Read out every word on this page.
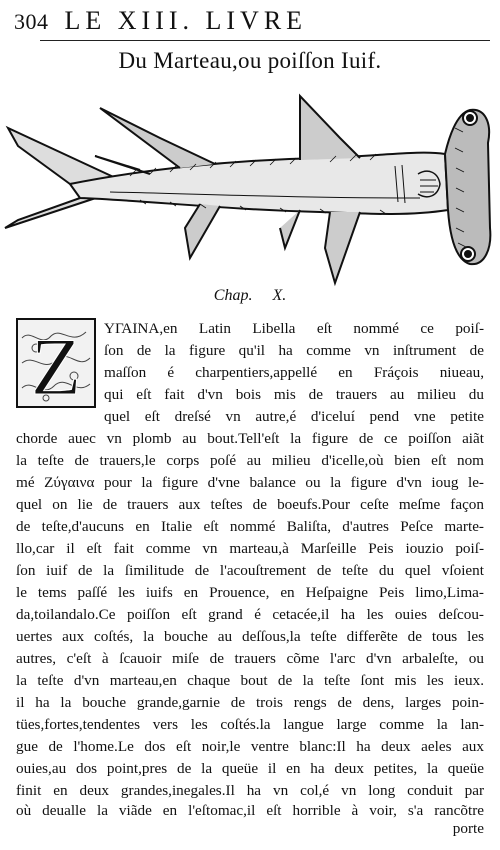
304 LE XIII. LIVRE
Du Marteau,ou poiſſon Iuif.
Chap. X.
Z ΥΓΑΙΝΑ,en Latin Libella eſt nommé ce poiſ-
ſon de la figure qu'il ha comme vn inſtrument de
maſſon é charpentiers,appellé en Fráçois niueau,
qui eſt fait d'vn bois mis de trauers au milieu du
quel eſt dreſsé vn autre,é d'iceluí pend vne petite
chorde auec vn plomb au bout.Tell'eſt la figure de ce poiſſon aiãt
la teſte de trauers,le corps poſé au milieu d'icelle,où bien eſt nom
mé Ζύγαινα pour la figure d'vne balance ou la figure d'vn ioug le-
quel on lie de trauers aux teſtes de boeufs.Pour ceſte meſme façon
de teſte,d'aucuns en Italie eſt nommé Baliſta, d'autres Peſce marte-
llo,car il eſt fait comme vn marteau,à Marſeille Peis iouzio poiſ-
ſon iuif de la ſimilitude de l'acouſtrement de teſte du quel vſoient
le tems paſſé les iuifs en Prouence, en Heſpaigne Peis limo,Lima-
da,toilandalo.Ce poiſſon eſt grand é cetacée,il ha les ouies deſcou-
uertes aux coſtés, la bouche au deſſous,la teſte differẽte de tous les
autres, c'eſt à ſcauoir miſe de trauers cõme l'arc d'vn arbaleſte, ou
la teſte d'vn marteau,en chaque bout de la teſte ſont mis les ieux.
il ha la bouche grande,garnie de trois rengs de dens, larges poin-
tües,fortes,tendentes vers les coſtés.la langue large comme la lan-
gue de l'home.Le dos eſt noir,le ventre blanc:Il ha deux aeles aux
ouies,au dos point,pres de la queüe il en ha deux petites, la queüe
finit en deux grandes,inegales.Il ha vn col,é vn long conduit par
où deualle la viãde en l'eſtomac,il eſt horrible à voir, s'a rancõtre
porte
